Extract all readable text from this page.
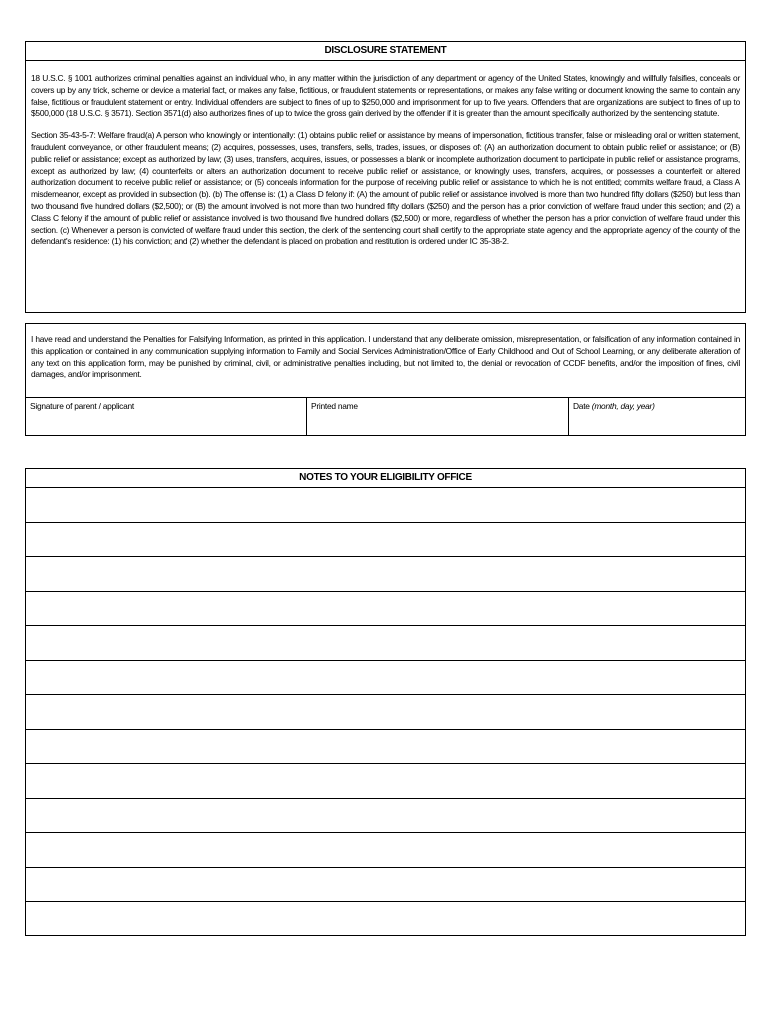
DISCLOSURE STATEMENT

18 U.S.C. § 1001 authorizes criminal penalties against an individual who, in any matter within the jurisdiction of any department or agency of the United States, knowingly and willfully falsifies, conceals or covers up by any trick, scheme or device a material fact, or makes any false, fictitious, or fraudulent statements or representations, or makes any false writing or document knowing the same to contain any false, fictitious or fraudulent statement or entry. Individual offenders are subject to fines of up to $250,000 and imprisonment for up to five years. Offenders that are organizations are subject to fines of up to $500,000 (18 U.S.C. § 3571). Section 3571(d) also authorizes fines of up to twice the gross gain derived by the offender if it is greater than the amount specifically authorized by the sentencing statute.

Section 35-43-5-7: Welfare fraud(a) A person who knowingly or intentionally: (1) obtains public relief or assistance by means of impersonation, fictitious transfer, false or misleading oral or written statement, fraudulent conveyance, or other fraudulent means; (2) acquires, possesses, uses, transfers, sells, trades, issues, or disposes of: (A) an authorization document to obtain public relief or assistance; or (B) public relief or assistance; except as authorized by law; (3) uses, transfers, acquires, issues, or possesses a blank or incomplete authorization document to participate in public relief or assistance programs, except as authorized by law; (4) counterfeits or alters an authorization document to receive public relief or assistance, or knowingly uses, transfers, acquires, or possesses a counterfeit or altered authorization document to receive public relief or assistance; or (5) conceals information for the purpose of receiving public relief or assistance to which he is not entitled; commits welfare fraud, a Class A misdemeanor, except as provided in subsection (b). (b) The offense is: (1) a Class D felony if: (A) the amount of public relief or assistance involved is more than two hundred fifty dollars ($250) but less than two thousand five hundred dollars ($2,500); or (B) the amount involved is not more than two hundred fifty dollars ($250) and the person has a prior conviction of welfare fraud under this section; and (2) a Class C felony if the amount of public relief or assistance involved is two thousand five hundred dollars ($2,500) or more, regardless of whether the person has a prior conviction of welfare fraud under this section. (c) Whenever a person is convicted of welfare fraud under this section, the clerk of the sentencing court shall certify to the appropriate state agency and the appropriate agency of the county of the defendant's residence: (1) his conviction; and (2) whether the defendant is placed on probation and restitution is ordered under IC 35-38-2.

I have read and understand the Penalties for Falsifying Information, as printed in this application. I understand that any deliberate omission, misrepresentation, or falsification of any information contained in this application or contained in any communication supplying information to Family and Social Services Administration/Office of Early Childhood and Out of School Learning, or any deliberate alteration of any text on this application form, may be punished by criminal, civil, or administrative penalties including, but not limited to, the denial or revocation of CCDF benefits, and/or the imposition of fines, civil damages, and/or imprisonment.

Signature of parent / applicant	Printed name	Date (month, day, year)
NOTES TO YOUR ELIGIBILITY OFFICE
